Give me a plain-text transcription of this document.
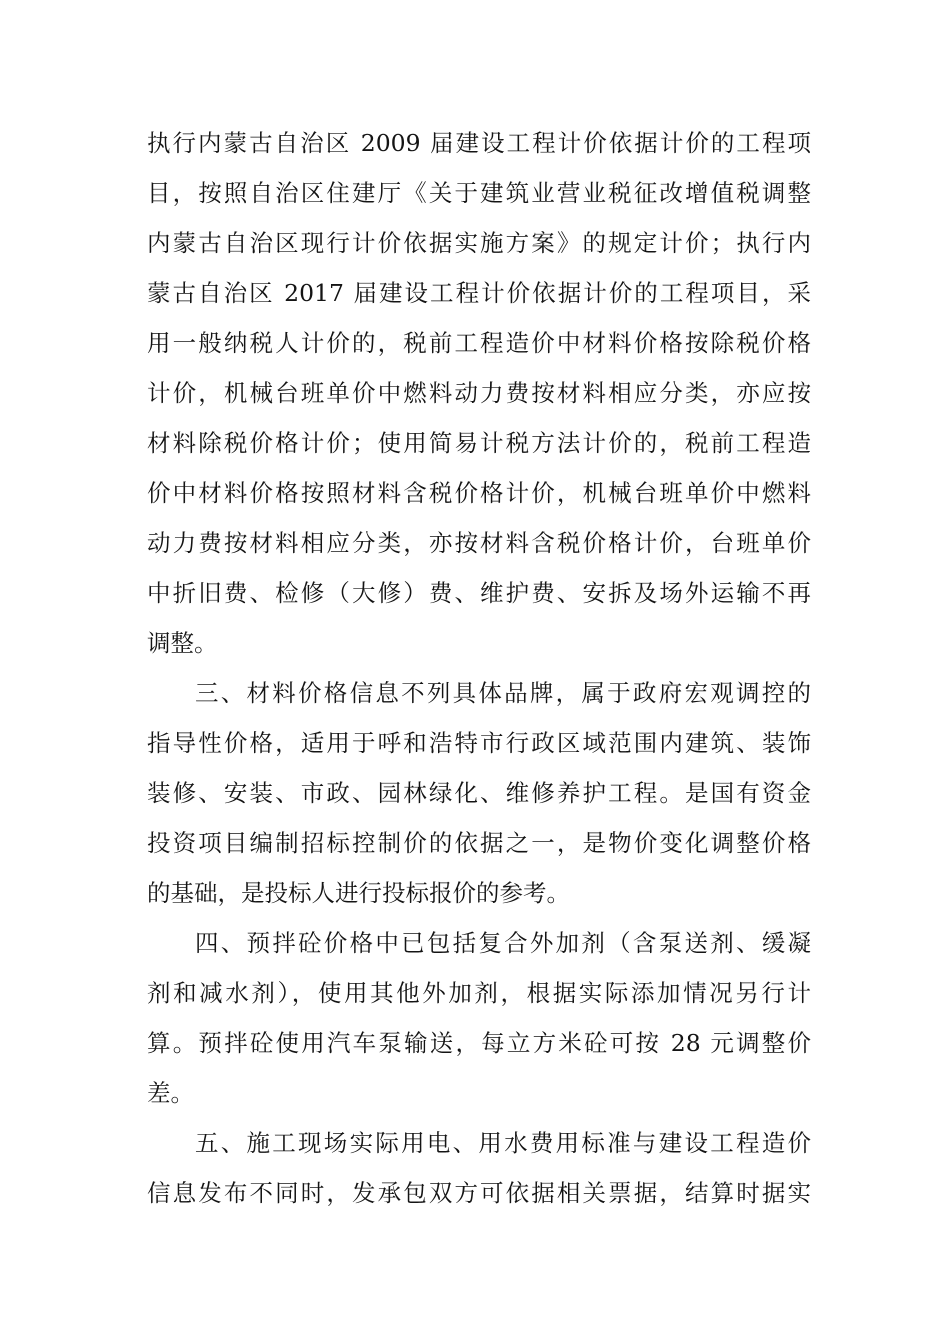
执行内蒙古自治区 2009 届建设工程计价依据计价的工程项
目，按照自治区住建厅《关于建筑业营业税征改增值税调整
内蒙古自治区现行计价依据实施方案》的规定计价；执行内
蒙古自治区 2017 届建设工程计价依据计价的工程项目，采
用一般纳税人计价的，税前工程造价中材料价格按除税价格
计价，机械台班单价中燃料动力费按材料相应分类，亦应按
材料除税价格计价；使用简易计税方法计价的，税前工程造
价中材料价格按照材料含税价格计价，机械台班单价中燃料
动力费按材料相应分类，亦按材料含税价格计价，台班单价
中折旧费、检修（大修）费、维护费、安拆及场外运输不再
调整。
三、材料价格信息不列具体品牌，属于政府宏观调控的
指导性价格，适用于呼和浩特市行政区域范围内建筑、装饰
装修、安装、市政、园林绿化、维修养护工程。是国有资金
投资项目编制招标控制价的依据之一，是物价变化调整价格
的基础，是投标人进行投标报价的参考。
四、预拌砼价格中已包括复合外加剂（含泵送剂、缓凝
剂和减水剂），使用其他外加剂，根据实际添加情况另行计
算。预拌砼使用汽车泵输送，每立方米砼可按 28 元调整价
差。
五、施工现场实际用电、用水费用标准与建设工程造价
信息发布不同时，发承包双方可依据相关票据，结算时据实
